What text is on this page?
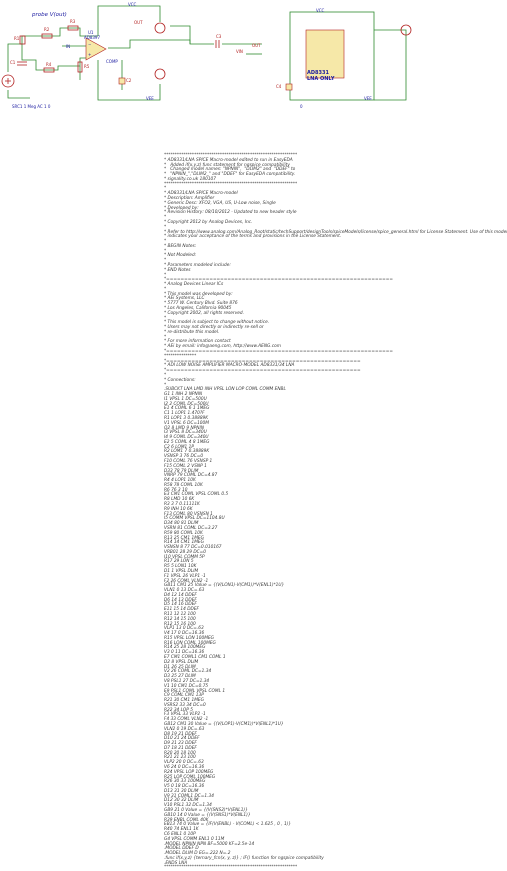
probe V(out)
SRC1 1 Meg AC 1 0
R1
C1
R2
R3
R4	R5
−
+
U1
AD8397
IN
COMP
VCC
VEE
OUT
C2
C3
OUT
VIN
AD8331
LNA ONLY
VCC
VEE
C4
0
**************************************************************
* AD8331/LNA SPICE Macro-model edited to run in EasyEDA
*   Added if(x,y,z) func statement for ngspice compatibility
*   Changed model names: "NPNIN",  "DLIM2" and  "DDEF" to
*   "NPNIN_","DLIM2_" and "DDEF" for EasyEDA compatibility.
* signality.co.uk 180107
**************************************************************
*
* AD8331/LNA SPICE Macro-model
* Description: Amplifier
* Generic Desc: XFO2, VGA, US, U-Low noise, Single
* Developed by:
* Revision History: 08/10/2012 - Updated to new header style
*
* Copyright 2012 by Analog Devices, Inc.
*
* Refer to http://www.analog.com/Analog_Root/static/techSupport/designTools/spiceModels/license/spice_general.html for License Statement. Use of this model
* indicates your acceptance of the terms and provisions in the License Statement.
*
* BEGIN Notes:
*
* Not Modeled:
*
* Parameters modeled include:
* END Notes
*
*===============================================================
* Analog Devices Linear ICs
*
* This model was developed by:
* AEi Systems, LLC
* 5777 W. Century Blvd. Suite 876
* Los Angeles, California 90045
* Copyright 2002, all rights reserved.
*
* This model is subject to change without notice.
* Users may not directly or indirectly re-sell or
* re-distribute this model.
*
* For more information contact
* AEi by email: info@aeng.com, http://www.AENG.com
*===============================================================
***************
*======================================================
* ADI LOW NOISE AMPLIFIER MACRO-MODEL AD8331/34 LNA
*======================================================
*
* Connections:
*
.SUBCKT LNA LMD INH VPSL LON LOP COML COMM ENBL
G1 1 INH 2 NPNIN
I1 VPSL 1 DC=500U
I2 2 COML DC=500U
E1 4 COML 6 1 1MEG
C1 1 LOP1 1.470?F
R1 LOP1 3 0.38889K
V1 VPSL 6 DC=100M
Q2 8 LMD 9 NPNIN
I3 VPSL 8 DC=340U
I4 9 COML DC=340U
E2 5 COML 4 8 1MEG
C2 6 LOM1 1P
R2 LOM1 7 0.38889K
VSNSP 3 76 DC=0
F10 COML 76 VSNSP 1
F15 COML 2 VSNP 1
D33 78 79 DLIM
VNRP 79 COML DC=4.87
R4 4 LOP1 10K
R58 78 COML 10K
R6 76 3 10
E3 CM1 COML VPSL COML 0.5
R8 LMD 10 6K
R3 3 7 0.11111K
R9 INH 10 6K
F13 COML 80 VSNSN 1
I5 COMM VPSL DC=1104.8U
D34 80 81 DLIM
VSRN 81 COML DC=3.27
R59 80 COML 10K
R13 25 CM1 1MEG
R14 14 CM1 1MEG
VSNSN 8 77 DC=0.010167
VRB01 28 29 DC=0
I10 VPSL COMM 5P
R17 29 LON 5
R5 5 LON1 10K
D1 1 VPSL DLIM
F1 VPSL 26 VLP1 -1
F2 26 COML VLN2 -1
GB11 CM1 25 Value = {(V(LON1)-V(CM1))*V(ENL1)*1U}
VLN1 0 13 DC=.63
D4 12 14 DDEF
D6 14 13 DDEF
D5 14 16 DDEF
E11 15 14 DDEF
R11 12 12 100
R12 14 15 100
R12 15 16 100
VLP1 13 0 DC=.63
V4 17 0 DC=16.36
R15 VPSL LON 100MEG
R16 LON COML 100MEG
R14 25 28 100MEG
V3 0 11 DC=16.36
E7 CM1 COML1 CM1 COML 1
D2 8 VPSL DLIM
D1 26 25 DLIM
V2 26 COML DC=1.34
D3 25 27 DLIM
V8 PSL1 27 DC=1.34
V1 10 CM1 DC=0.75
E9 PSL1 COML VPSL COML 1
C9 COML CM1 13P
R21 30 CM1 1MEG
VSRS2 33 34 DC=0
R22 34 LOP 5
F3 VPSL 33 VLP2 -1
F4 33 COML VLN2 -1
GB12 CM1 30 Value = {(V(LOP1)-V(CM1))*V(ENL1)*1U}
VLN2 0 19 DC=.63
D8 19 21 DDEF
D10 21 24 DDEF
D9 21 23 DDEF
D7 18 21 DDEF
R20 20 18 100
R21 21 23 100
VLP2 20 0 DC=.63
V6 24 0 DC=16.36
R24 VPSL LOP 100MEG
R25 LOP COML 100MEG
R26 30 33 100MEG
V5 0 18 DC=16.36
D13 31 30 DLIM
V9 31 COML1 DC=1.34
D12 30 32 DLIM
V10 PSL1 32 DC=1.34
GB9 21 0 Value = {(V(SNS2)*V(ENL1)}
GB10 14 0 Value = {(V(SNS1)*V(ENL1)}
R39 ENBL COML 40K
EB13 74 0 Value = {IF(V(ENBL) - V(COML) < 1.625 , 0 , 1)}
R40 74 ENL1 1K
C6 ENL1 0 10P
G4 VPSL COMM ENL1 0 11M
.MODEL NPNIN NPN BF=5000 KF=2.5e-14
.MODEL DDEF D
.MODEL DLIM D EG=.222 N=.2
.func if(x,y,z) {ternary_fcn(x, y, z)} ; IF() function for ngspice compatibility
.ENDS LNA
**************************************************************
